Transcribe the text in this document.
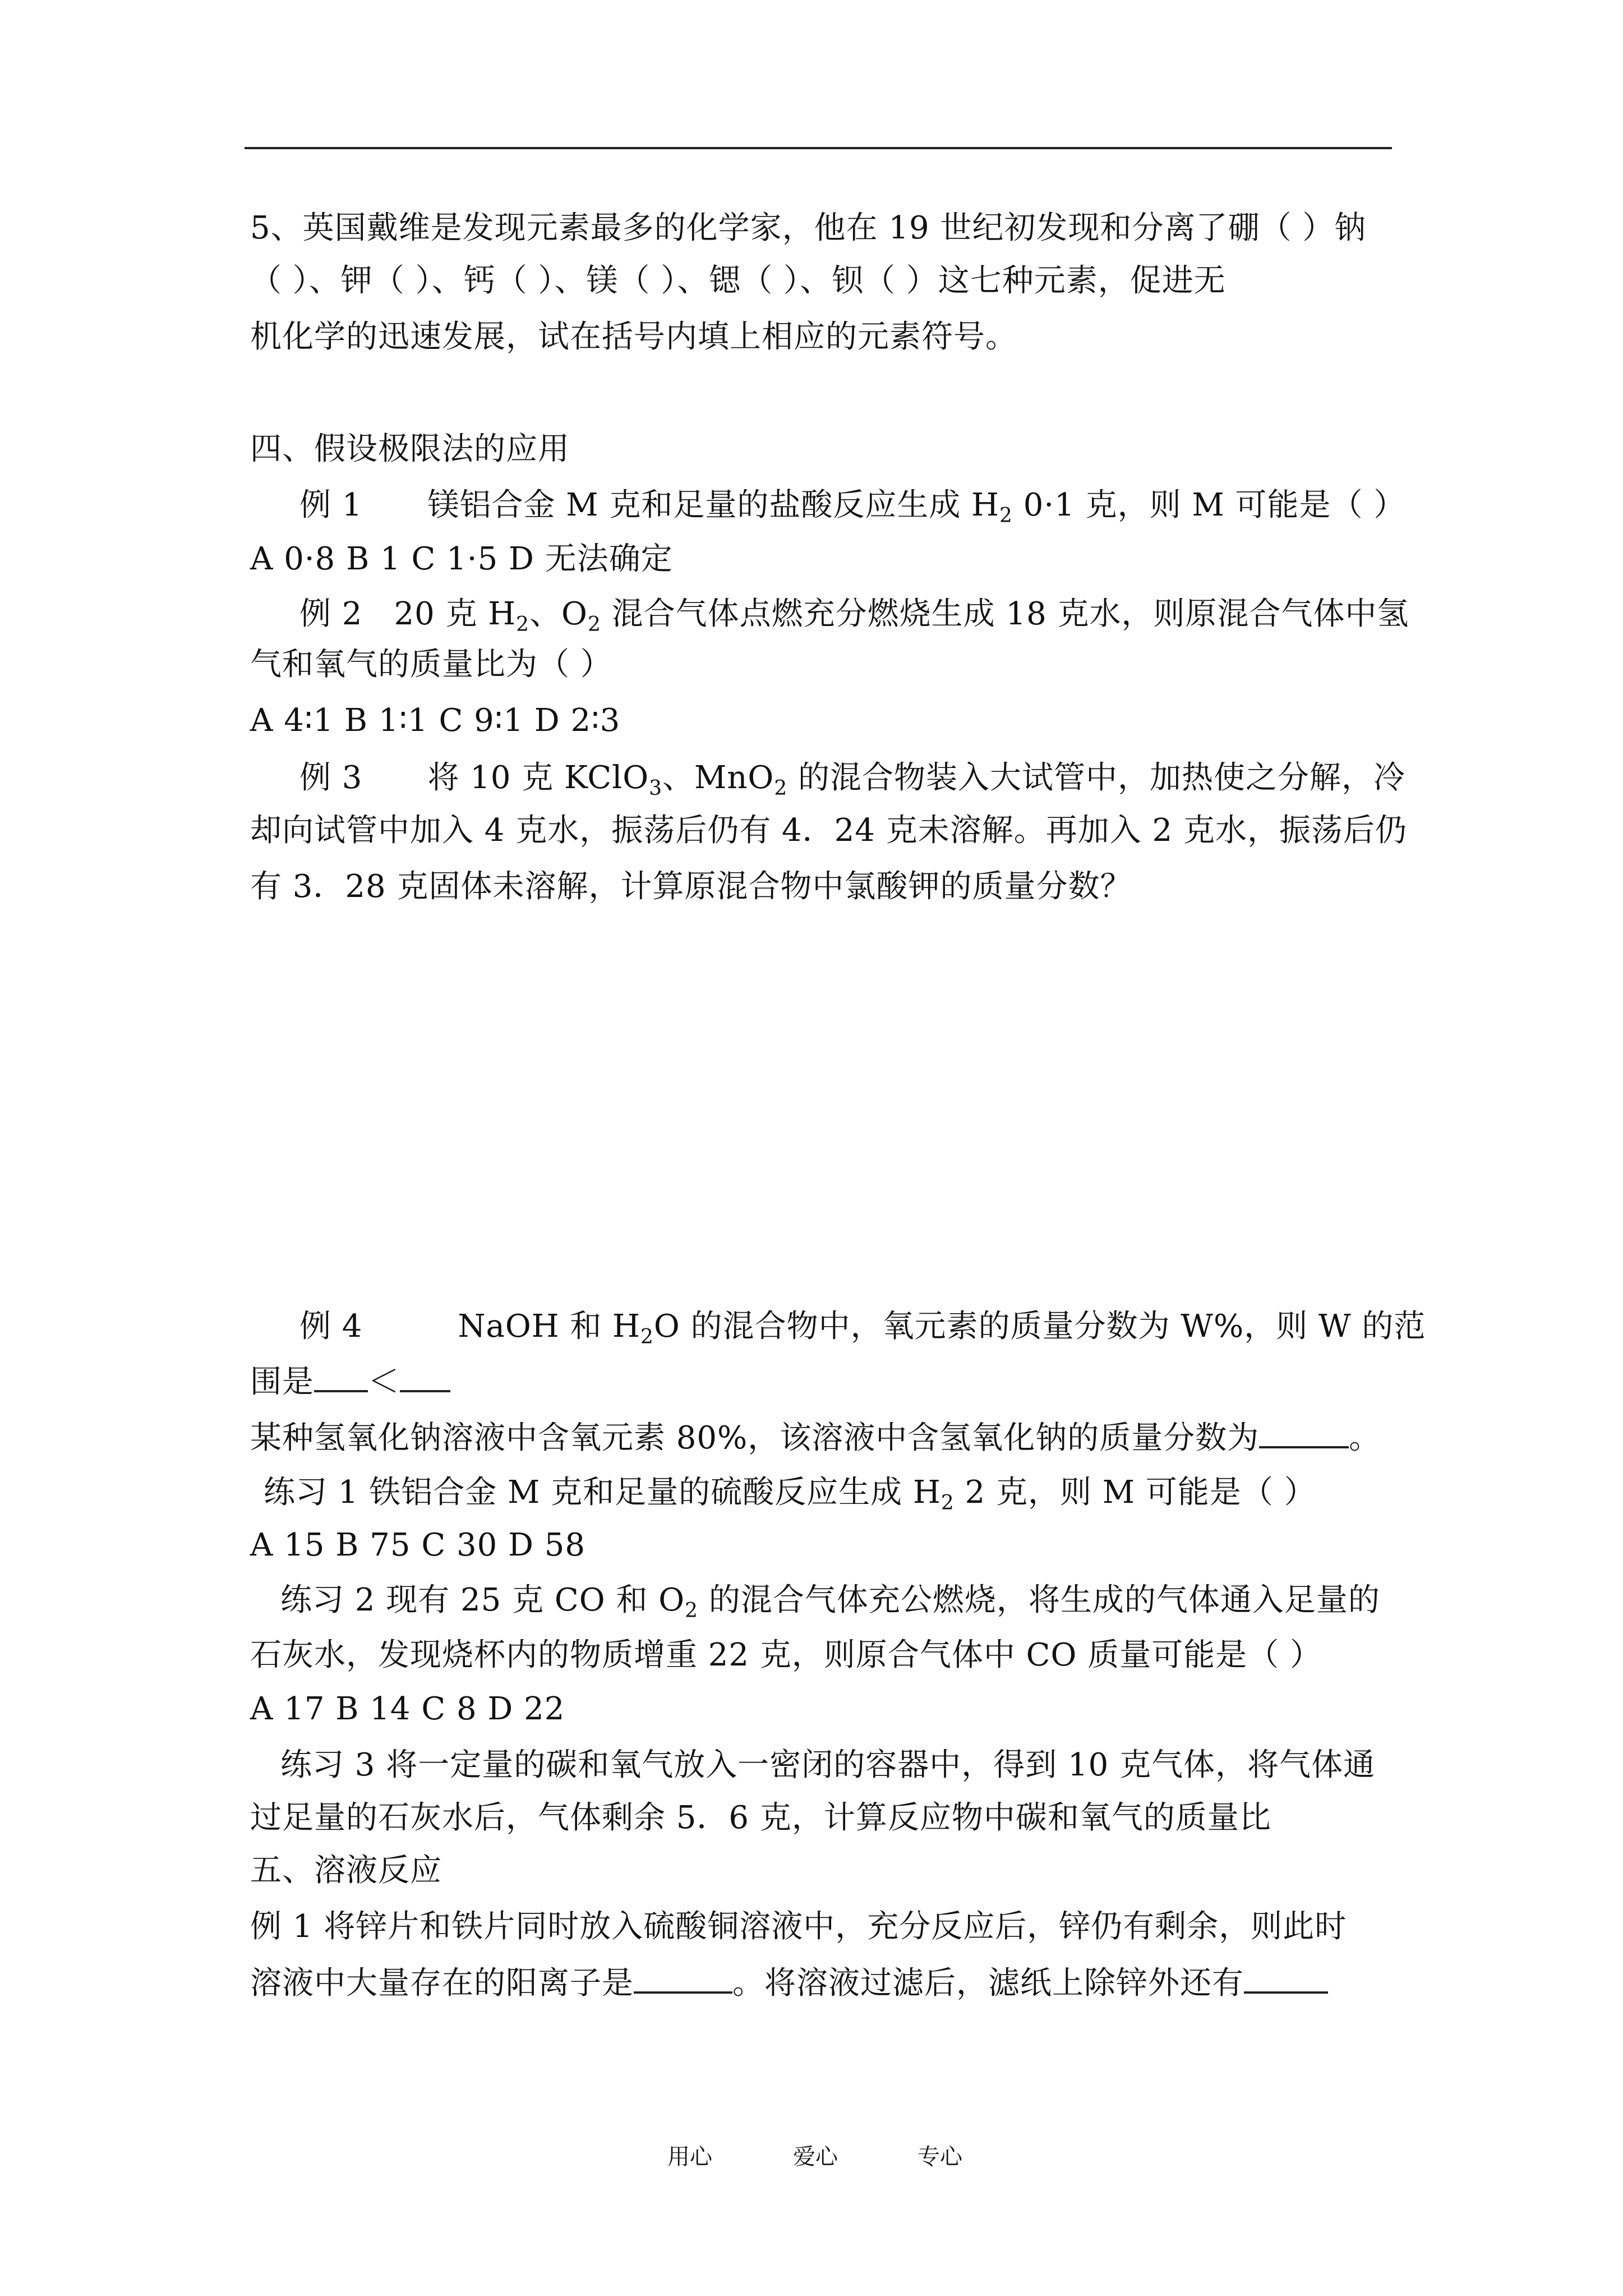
5、英国戴维是发现元素最多的化学家，他在 19 世纪初发现和分离了硼（ ）钠
（ ）、钾（ ）、钙（ ）、镁（ ）、锶（ ）、钡（ ）这七种元素，促进无
机化学的迅速发展，试在括号内填上相应的元素符号。
四、假设极限法的应用
例 1 镁铝合金 M 克和足量的盐酸反应生成 $H_2$ 0·1 克，则 M 可能是（ ）
A 0·8 B 1 C 1·5 D 无法确定
例 2 20 克 $H_2$、$O_2$ 混合气体点燃充分燃烧生成 18 克水，则原混合气体中氢
气和氧气的质量比为（ ）
A 4∶1 B 1∶1 C 9∶1 D 2∶3
例 3 将 10 克 KClO$_3$、MnO$_2$ 的混合物装入大试管中，加热使之分解，冷
却向试管中加入 4 克水，振荡后仍有 4．24 克未溶解。再加入 2 克水，振荡后仍
有 3．28 克固体未溶解，计算原混合物中氯酸钾的质量分数？
例 4	NaOH 和 $H_2O$ 的混合物中，氧元素的质量分数为 W%，则 W 的范
围是 ＜
某种氢氧化钠溶液中含氧元素 80%，该溶液中含氢氧化钠的质量分数为	。
练习 1 铁铝合金 M 克和足量的硫酸反应生成 $H_2$ 2 克，则 M 可能是（ ）
A 15 B 75 C 30 D 58
练习 2 现有 25 克 CO 和 $O_2$ 的混合气体充公燃烧，将生成的气体通入足量的
石灰水，发现烧杯内的物质增重 22 克，则原合气体中 CO 质量可能是（ ）
A 17 B 14 C 8 D 22
练习 3 将一定量的碳和氧气放入一密闭的容器中，得到 10 克气体，将气体通
过足量的石灰水后，气体剩余 5．6 克，计算反应物中碳和氧气的质量比
五、溶液反应
例 1 将锌片和铁片同时放入硫酸铜溶液中，充分反应后，锌仍有剩余，则此时
溶液中大量存在的阳离子是	。将溶液过滤后，滤纸上除锌外还有
用心	爱心	专心
